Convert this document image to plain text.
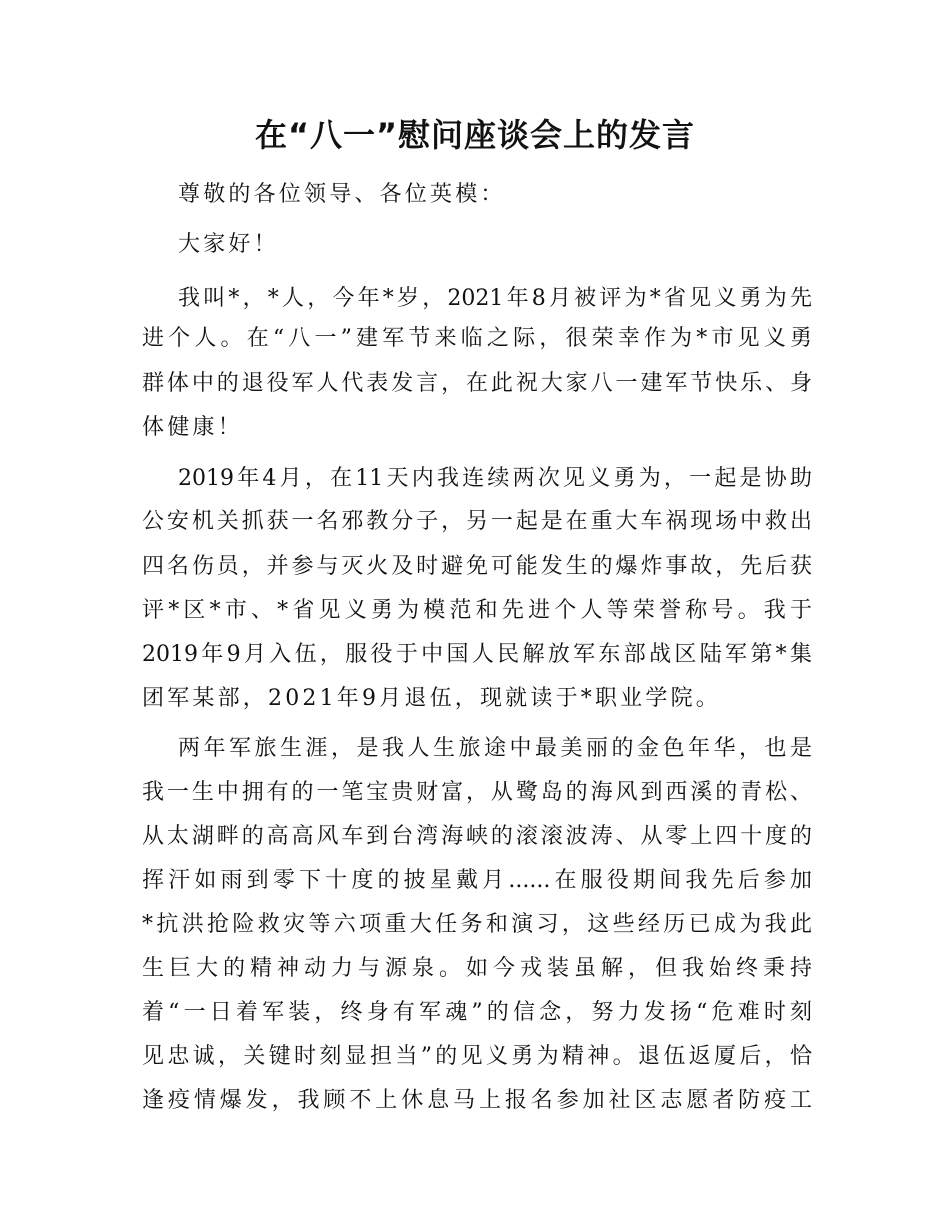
在“八一”慰问座谈会上的发言
尊敬的各位领导、各位英模：
大家好！
我叫*，*人，今年*岁，2021年8月被评为*省见义勇为先
进个人。在“八一”建军节来临之际，很荣幸作为*市见义勇
群体中的退役军人代表发言，在此祝大家八一建军节快乐、身
体健康！
2019年4月，在11天内我连续两次见义勇为，一起是协助
公安机关抓获一名邪教分子，另一起是在重大车祸现场中救出
四名伤员，并参与灭火及时避免可能发生的爆炸事故，先后获
评*区*市、*省见义勇为模范和先进个人等荣誉称号。我于
2019年9月入伍，服役于中国人民解放军东部战区陆军第*集
团军某部，2021年9月退伍，现就读于*职业学院。
两年军旅生涯，是我人生旅途中最美丽的金色年华，也是
我一生中拥有的一笔宝贵财富，从鹭岛的海风到西溪的青松、
从太湖畔的高高风车到台湾海峡的滚滚波涛、从零上四十度的
挥汗如雨到零下十度的披星戴月......在服役期间我先后参加
*抗洪抢险救灾等六项重大任务和演习，这些经历已成为我此
生巨大的精神动力与源泉。如今戎装虽解，但我始终秉持
着“一日着军装，终身有军魂”的信念，努力发扬“危难时刻
见忠诚，关键时刻显担当”的见义勇为精神。退伍返厦后，恰
逢疫情爆发，我顾不上休息马上报名参加社区志愿者防疫工
